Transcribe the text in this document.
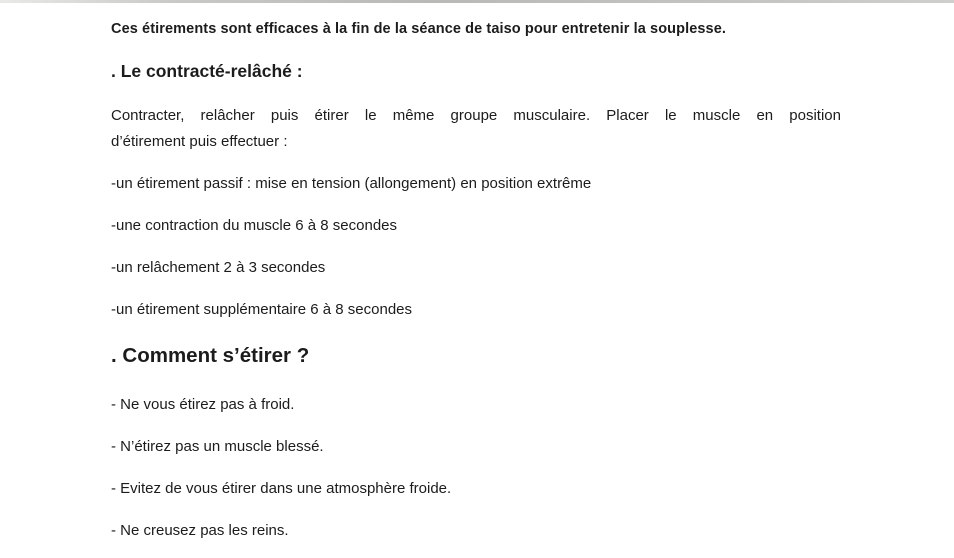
Ces étirements sont efficaces à la fin de la séance de taiso pour entretenir la souplesse.
. Le contracté-relâché :
Contracter, relâcher puis étirer le même groupe musculaire. Placer le muscle en position
d’étirement puis effectuer :
-un étirement passif : mise en tension (allongement) en position extrême
-une contraction du muscle 6 à 8 secondes
-un relâchement 2 à 3 secondes
-un étirement supplémentaire 6 à 8 secondes
. Comment s’étirer ?
- Ne vous étirez pas à froid.
- N’étirez pas un muscle blessé.
- Evitez de vous étirer dans une atmosphère froide.
- Ne creusez pas les reins.
